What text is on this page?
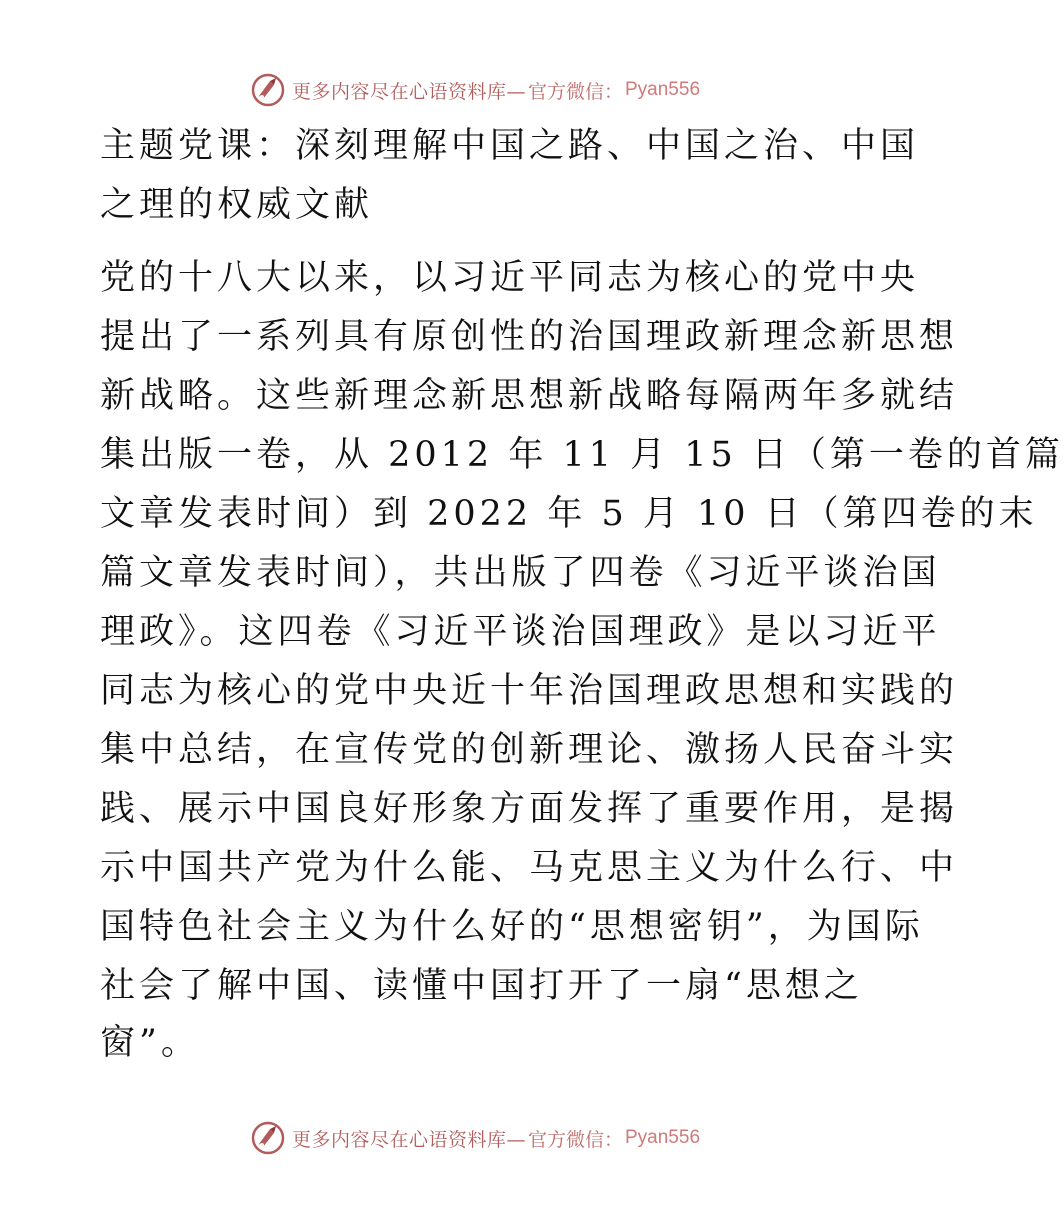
更多内容尽在心语资料库— 官方微信： Pyan556
主题党课：深刻理解中国之路、中国之治、中国
之理的权威文献
党的十八大以来，以习近平同志为核心的党中央
提出了一系列具有原创性的治国理政新理念新思想
新战略。这些新理念新思想新战略每隔两年多就结
集出版一卷，从 2012 年 11 月 15 日（第一卷的首篇
文章发表时间）到 2022 年 5 月 10 日（第四卷的末
篇文章发表时间），共出版了四卷《习近平谈治国
理政》。这四卷《习近平谈治国理政》是以习近平
同志为核心的党中央近十年治国理政思想和实践的
集中总结，在宣传党的创新理论、激扬人民奋斗实
践、展示中国良好形象方面发挥了重要作用，是揭
示中国共产党为什么能、马克思主义为什么行、中
国特色社会主义为什么好的“思想密钥”，为国际
社会了解中国、读懂中国打开了一扇“思想之
窗”。
更多内容尽在心语资料库— 官方微信： Pyan556
